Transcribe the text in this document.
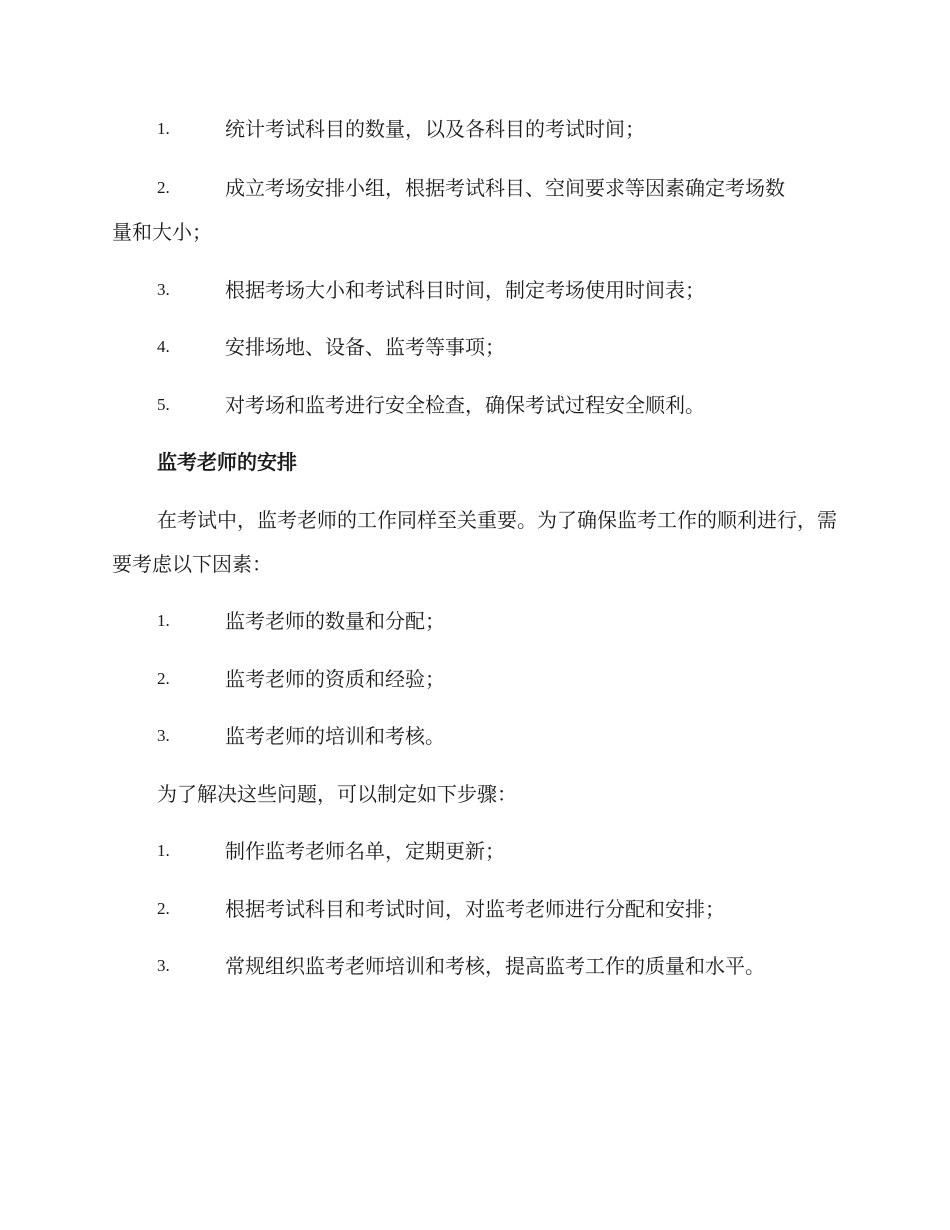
1.	统计考试科目的数量，以及各科目的考试时间；
2.	成立考场安排小组，根据考试科目、空间要求等因素确定考场数
量和大小；
3.	根据考场大小和考试科目时间，制定考场使用时间表；
4.	安排场地、设备、监考等事项；
5.	对考场和监考进行安全检查，确保考试过程安全顺利。
监考老师的安排
在考试中，监考老师的工作同样至关重要。为了确保监考工作的顺利进行，需要考虑以下因素：
1.	监考老师的数量和分配；
2.	监考老师的资质和经验；
3.	监考老师的培训和考核。
为了解决这些问题，可以制定如下步骤：
1.	制作监考老师名单，定期更新；
2.	根据考试科目和考试时间，对监考老师进行分配和安排；
3.	常规组织监考老师培训和考核，提高监考工作的质量和水平。
